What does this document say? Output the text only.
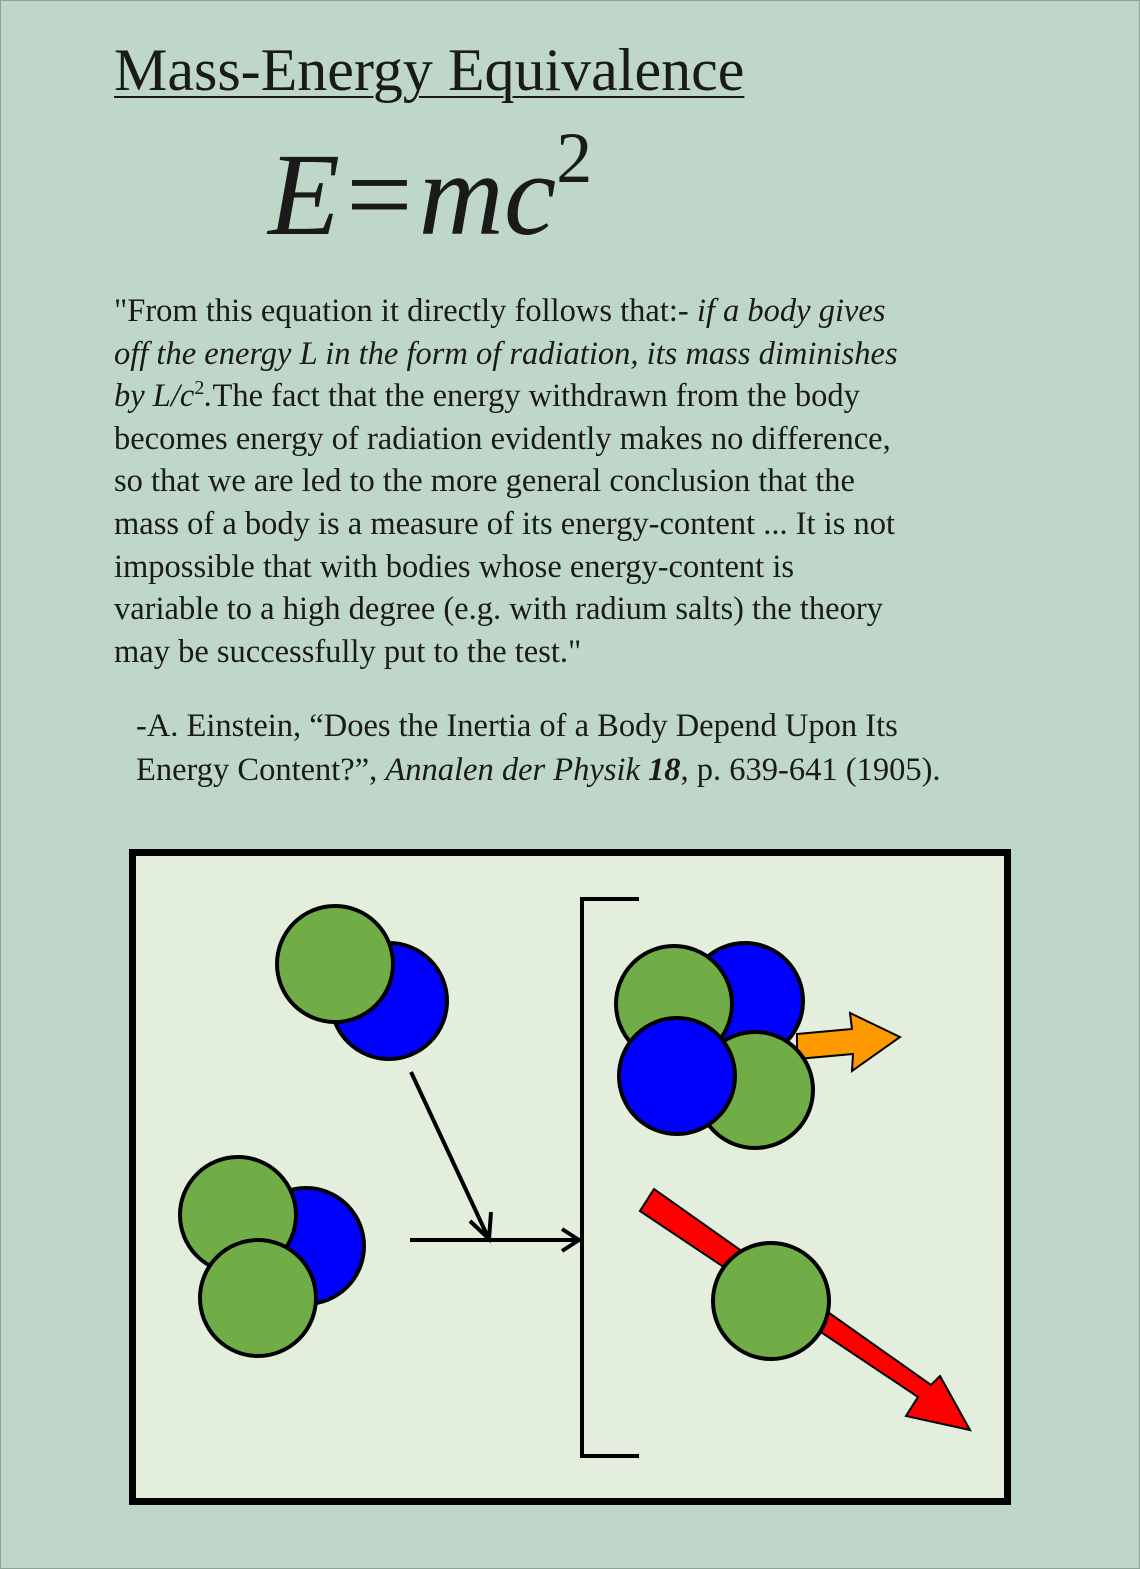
Mass-Energy Equivalence
$E=mc^2$
"From this equation it directly follows that:- if a body gives
off the energy L in the form of radiation, its mass diminishes
by $L/c^2.The$ fact that the energy withdrawn from the body
becomes energy of radiation evidently makes no difference,
so that we are led to the more general conclusion that the
mass of a body is a measure of its energy-content ... It is not
impossible that with bodies whose energy-content is
variable to a high degree (e.g. with radium salts) the theory
may be successfully put to the test."
-A. Einstein, “Does the Inertia of a Body Depend Upon Its
Energy Content?”, Annalen der Physik 18, p. 639-641 (1905).
